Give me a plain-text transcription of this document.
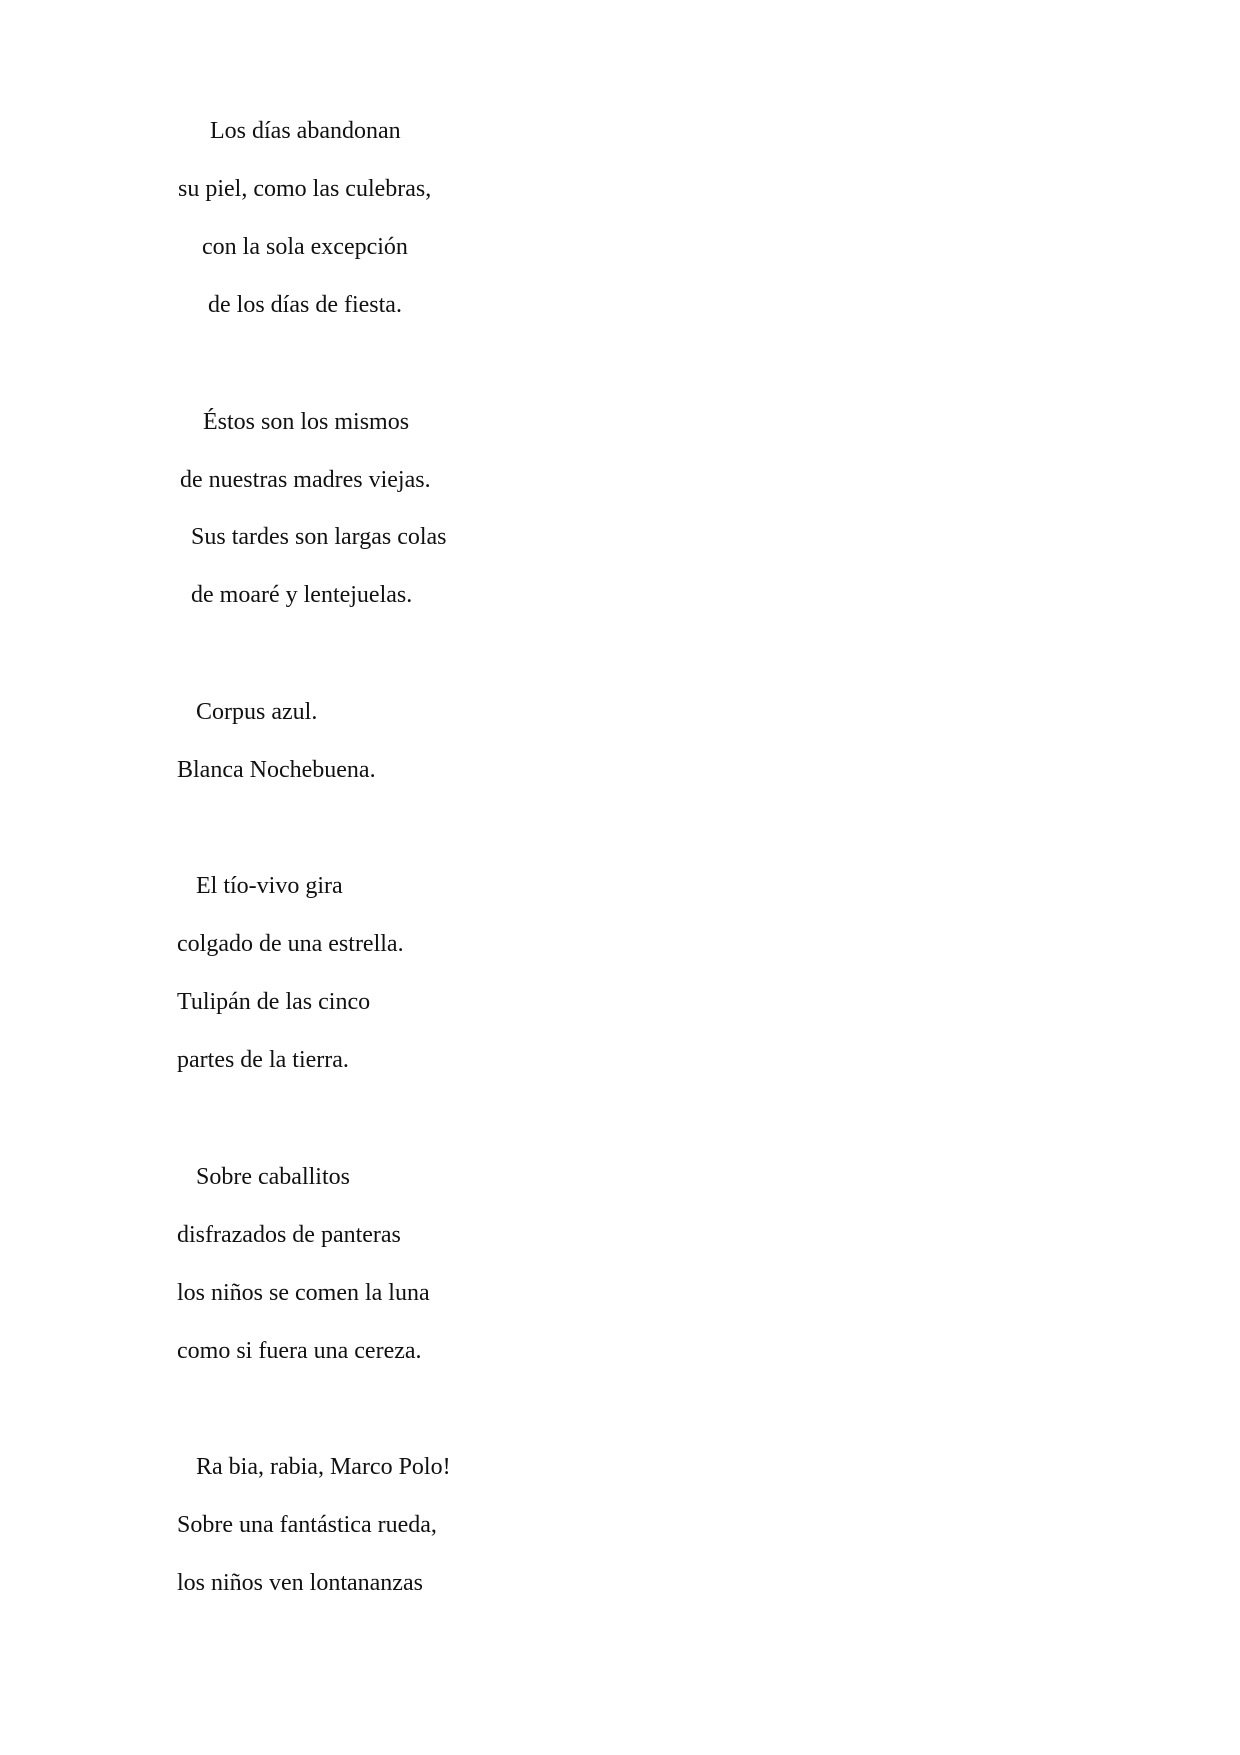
Los días abandonan
su piel, como las culebras,
con la sola excepción
de los días de fiesta.
Éstos son los mismos
de nuestras madres viejas.
Sus tardes son largas colas
de moaré y lentejuelas.
Corpus azul.
Blanca Nochebuena.
El tío-vivo gira
colgado de una estrella.
Tulipán de las cinco
partes de la tierra.
Sobre caballitos
disfrazados de panteras
los niños se comen la luna
como si fuera una cereza.
Ra bia, rabia, Marco Polo!
Sobre una fantástica rueda,
los niños ven lontananzas
